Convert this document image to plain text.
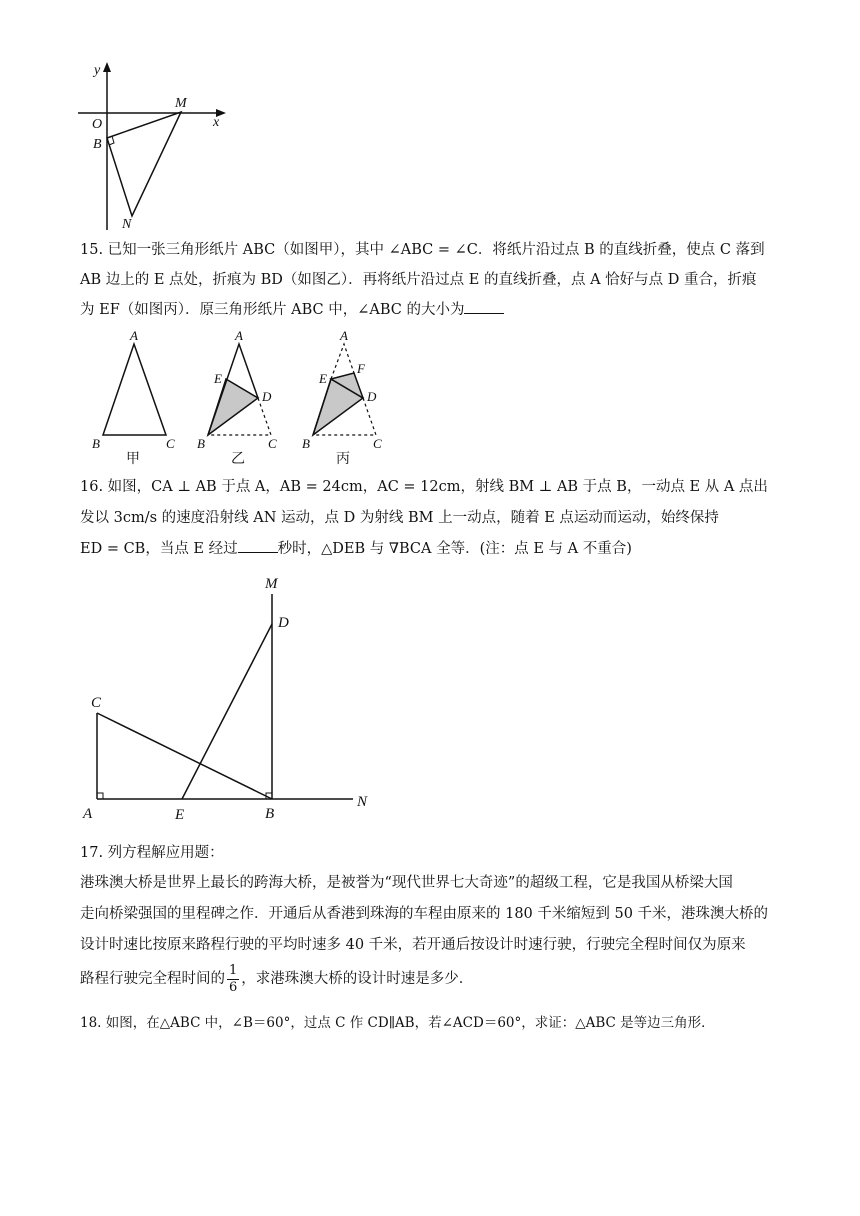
y
x
O
M
B
N
15. 已知一张三角形纸片 ABC（如图甲），其中 ∠ABC = ∠C．将纸片沿过点 B 的直线折叠，使点 C 落到
AB 边上的 E 点处，折痕为 BD（如图乙）．再将纸片沿过点 E 的直线折叠，点 A 恰好与点 D 重合，折痕
为 EF（如图丙）．原三角形纸片 ABC 中，∠ABC 的大小为
A
B	C
甲
A
E
D
B	C
乙
A
E
F
D
B	C
丙
16. 如图，CA ⊥ AB 于点 A，AB = 24cm，AC = 12cm，射线 BM ⊥ AB 于点 B，一动点 E 从 A 点出
发以 3cm/s 的速度沿射线 AN 运动，点 D 为射线 BM 上一动点，随着 E 点运动而运动，始终保持
ED = CB，当点 E 经过	秒时，△DEB 与 ∇BCA 全等．(注：点 E 与 A 不重合)
M
D
C
A	E	B
N
17. 列方程解应用题：
港珠澳大桥是世界上最长的跨海大桥，是被誉为“现代世界七大奇迹”的超级工程，它是我国从桥梁大国
走向桥梁强国的里程碑之作．开通后从香港到珠海的车程由原来的 180 千米缩短到 50 千米，港珠澳大桥的
设计时速比按原来路程行驶的平均时速多 40 千米，若开通后按设计时速行驶，行驶完全程时间仅为原来
路程行驶完全程时间的 $\frac{1}{6}$ ，求港珠澳大桥的设计时速是多少．
18. 如图，在△ABC 中，∠B＝60°，过点 C 作 CD∥AB，若∠ACD＝60°，求证：△ABC 是等边三角形．
